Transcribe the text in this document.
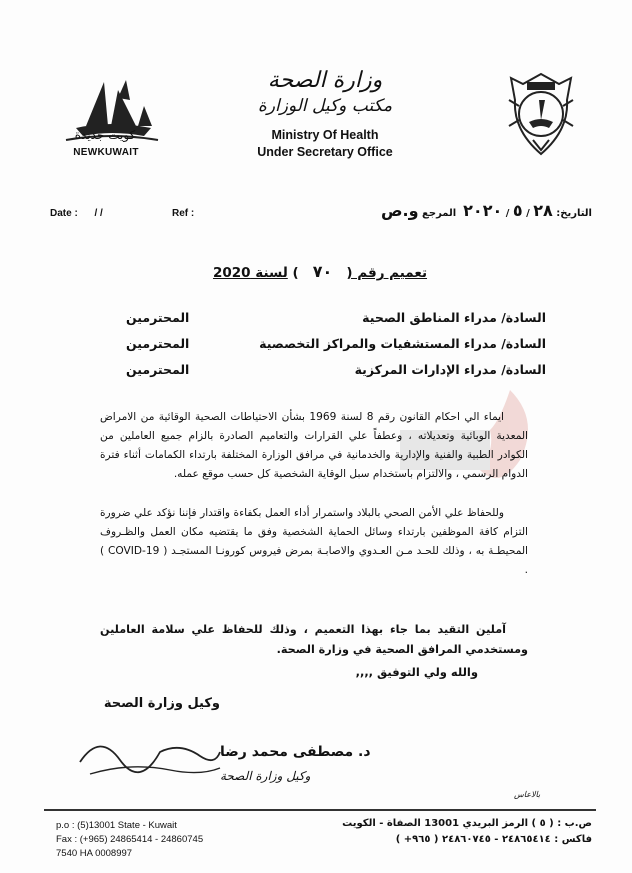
كويت جديدة
NEWKUWAIT
وزارة الصحة
مكتب وكيل الوزارة
Ministry Of Health
Under Secretary Office
Date : / /	Ref :	التاريخ: ٢٨ / ٥ / ٢٠٢٠  المرجع و.ص
تعميم رقم (   ٧٠   ) لسنة 2020
السادة/ مدراء المناطق الصحية
المحترمين
السادة/ مدراء المستشفيات والمراكز التخصصية
المحترمين
السادة/ مدراء الإدارات المركزية
المحترمين

ايماء الي احكام القانون رقم 8 لسنة 1969 بشأن الاحتياطات الصحية الوقائية من الامراض المعدية الوبائية وتعديلاته ، وعطفاً علي القرارات والتعاميم الصادرة بالزام جميع العاملين من الكوادر الطبية والفنية والإدارية والخدمانية في مرافق الوزارة المختلفة بارتداء الكمامات أثناء فترة الدوام الرسمي ، والالتزام باستخدام سبل الوقاية الشخصية كل حسب موقع عمله.

وللحفاظ علي الأمن الصحي بالبلاد واستمرار أداء العمل بكفاءة واقتدار فإننا نؤكد علي ضرورة التزام كافة الموظفين بارتداء وسائل الحماية الشخصية وفق ما يقتضيه مكان العمل والظـروف المحيطـة به ، وذلك للحـد مـن العـدوي والاصابـة بمرض فيروس كورونـا المستجـد ( COVID-19 ) .

آملين التقيد بما جاء بهذا التعميم ، وذلك للحفاظ علي سلامة العاملين ومستخدمي المرافق الصحية في وزارة الصحة.

والله ولي التوفيق ,,,,
وكيل وزارة الصحة
د. مصطفى محمد رضا
وكيل وزارة الصحة
بالاعاس
p.o : (5)13001 State - Kuwait
Fax : (+965) 24865414 - 24860745
7540 HA 0008997
ص.ب : ( ٥ ) الرمز البريدي 13001 الصفاة - الكويت
فاكس : ٢٤٨٦٥٤١٤ - ٢٤٨٦٠٧٤٥ ( ٩٦٥+ )
